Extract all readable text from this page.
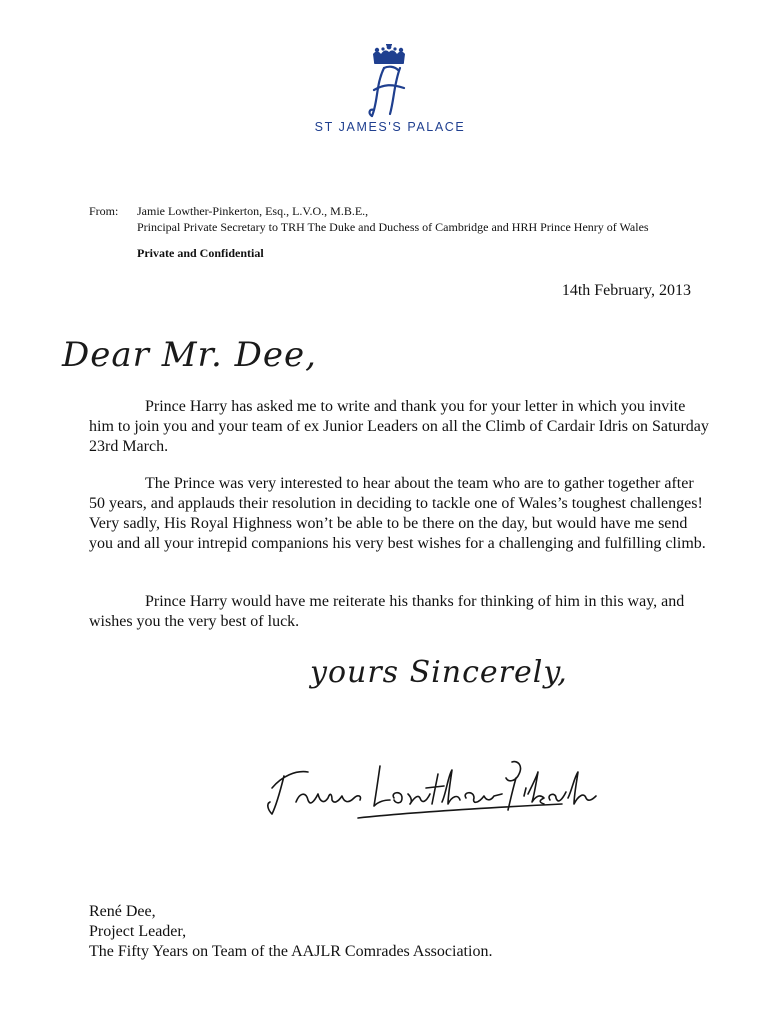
ST JAMES'S PALACE
From: Jamie Lowther-Pinkerton, Esq., L.V.O., M.B.E.,
Principal Private Secretary to TRH The Duke and Duchess of Cambridge and HRH Prince Henry of Wales
Private and Confidential
14th February, 2013
Dear Mr. Dee,

Prince Harry has asked me to write and thank you for your letter in which you invite him to join you and your team of ex Junior Leaders on all the Climb of Cardair Idris on Saturday 23rd March.

The Prince was very interested to hear about the team who are to gather together after 50 years, and applauds their resolution in deciding to tackle one of Wales’s toughest challenges! Very sadly, His Royal Highness won’t be able to be there on the day, but would have me send you and all your intrepid companions his very best wishes for a challenging and fulfilling climb.

Prince Harry would have me reiterate his thanks for thinking of him in this way, and wishes you the very best of luck.

yours Sincerely,
René Dee,
Project Leader,
The Fifty Years on Team of the AAJLR Comrades Association.
